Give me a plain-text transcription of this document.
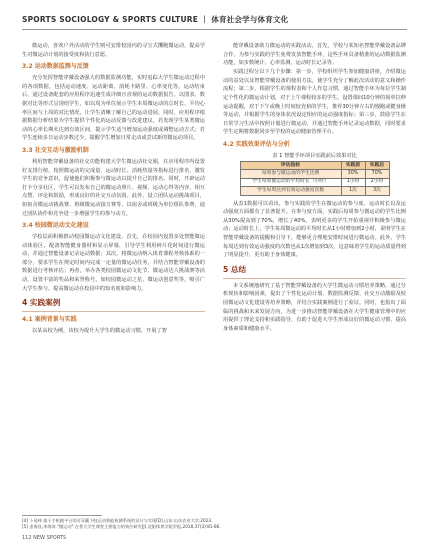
SPORTS SOCIOLOGY & SPORTS CULTURE ｜ 体育社会学与体育文化

微运动，喜欢户外活动的学生则可安排校园内的寻宝式攫跑微运动，提高学生对微运动计划的接受度和执行意愿。

3.2 运动数据监测与反馈

充分发挥智能穿戴设备强大的数据监测功能，实时追踪大学生微运动过程中的各项数据，包括运动速度、运动距离、消耗卡路里、心率变化等。运动结束后，通过设备配套的应用程序迅速生成详细且直观的运动数据报告。以图表、数据对比等形式呈现给学生，如以周为单位展示学生本周微运动的总时长、平均心率区间与上周的对比情况，让学生清晰了解自己的运动进展。同时，应用程序根据数据分析结果为学生提供个性化的运动反馈与改进建议，若发现学生某类微运动的心率长期未达到有效区间，提示学生适当增加运动强度或调整运动方式；若学生连续多日运动步数过少，提醒学生增加日常走动或尝试新的微运动项目。

3.3 社交互动与激励机制

利用智能穿戴设备的社交功能构建大学生微运动社交圈，在应用程序内设置好友排行榜，按照微运动的完成量、运动时长、消耗热量等指标进行排名，激发学生的竞争意识，促使他们积极参与微运动以提升自己的排名。同时，开辟运动打卡分享社区，学生可以发布自己的微运动照片、视频、运动心得等内容，相互点赞、评论和鼓励，形成良好的社交互动氛围。此外，设立团队运动挑战项目，如宿舍微运动挑战赛、班级微运动接力赛等，以宿舍或班级为单位组队参赛，通过团队协作和竞争进一步增强学生的参与动力。

3.4 校园微运动文化建设

学校层面积极推动校园微运动文化建设。首先，在校园内设置多处智能微运动体验区，配备智能健身器材和显示屏幕，引导学生利用碎片化时间进行微运动，并通过智能设备记录运动数据；其次，将微运动纳入体育课程考核体系的一部分，要求学生在规定时间内完成一定量的微运动任务，并结合智能穿戴设备的数据进行考核评估；再者，举办各类校园微运动文化节、微运动达人挑战赛等活动，设置丰富的奖品和荣誉称号，如校园微运动之星、微运动创意奖等，吸引广大学生参与，提高微运动在校园中的知名度和影响力。

4 实践案例
4.1 案例背景与实践

以某高校为例，该校为提升大学生的微运动习惯，开展了智

能穿戴设备助力微运动的实践活动。首先，学校与某知名智能穿戴设备品牌合作，为参与实践的学生免费发放智能手环，这些手环具备精准的运动数据监测功能，如步数统计、心率监测、运动时长记录等。

实践过程分以下几个步骤：第一步，学校组织学生参加健康讲座，介绍微运动的益处以及智能穿戴设备的使用方法，使学生充分了解此次活动的意义和操作流程；第二步，根据学生的课程表和个人作息习惯，通过智能手环为每位学生制定个性化的微运动计划，对于上午课程较多的学生，设置课间10分钟的简单拉伸运动提醒，对于下午或晚上时间较充裕的学生，推荐30分钟左右的慢跑或健身操等运动，并根据学生的身体状况设定相应的运动强度指标；第三步，鼓励学生在日常学习生活中按照计划进行微运动，并通过智能手环记录运动数据，同时要求学生定期将数据同步至学校的运动健康管理平台。

4.2 实践效果评估与分析
表 1 智能手环项目实践前后效果对比
评估指标	实践前	实践后
每周参与微运动的学生比例	30%	70%
学生每周微运动的平均时长（小时）	1小时	2小时
学生每周达到有效运动强度次数	1次	3次

从表1数据可以看出，参与实践的学生在微运动的参与度、运动时长以及运动强度方面都有了显著提升。在参与度方面，实践后每周参与微运动的学生比例从30%提高到了70%，增长了40%，表明更多的学生开始重视并积极参与微运动；运动时长上，学生每周微运动的平均时长从1小时增加到2小时，说明学生在智能穿戴设备的提醒和引导下，能够更合理地安排时间进行微运动。此外，学生每周达到有效运动强度的次数也从1次增加到3次，这意味着学生的运动质量得到了明显提升，更有助于身体健康。

5 总结

本文系统地研究了基于智能穿戴设备的大学生微运动习惯培养策略，通过分析现状和影响因素，提出了个性化运动计划、数据监测反馈、社交互动激励及校园微运动文化建设等培养策略，并结合实践案例进行了验证。同时，也指出了面临的挑战和未来发展方向，为进一步推动智能穿戴设备在大学生健康管理中的应用提供了理论支持和实践指导，有助于促进大学生形成良好的微运动习惯，提高身体素质和健康水平。

[4] 卜易林.基于手机跑平台的可穿戴下肢运动智能检测系统的设计与实现[D].山东:山东农业大学,2023.
[5] 金海良,李海涛."微运动" 在普大学生课堂主要能力的效应研究[J].沈阳体育学院学报,2018,37(3):81-86.
112 NEW SPORTS
